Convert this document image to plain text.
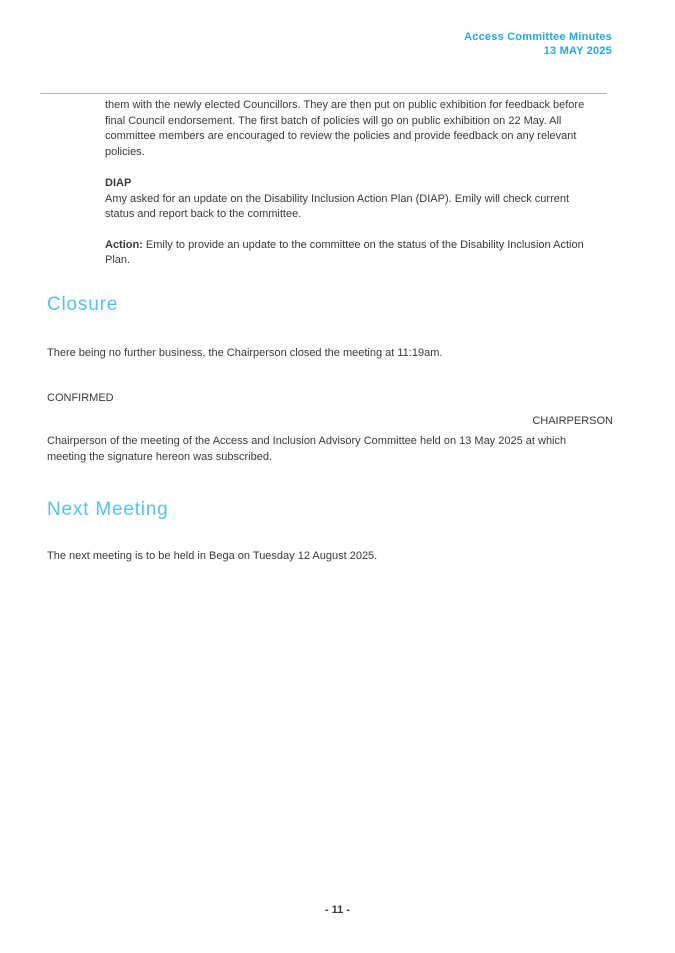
Access Committee Minutes
13 MAY 2025

them with the newly elected Councillors. They are then put on public exhibition for feedback before final Council endorsement. The first batch of policies will go on public exhibition on 22 May. All committee members are encouraged to review the policies and provide feedback on any relevant policies.

DIAP

Amy asked for an update on the Disability Inclusion Action Plan (DIAP). Emily will check current status and report back to the committee.

Action: Emily to provide an update to the committee on the status of the Disability Inclusion Action Plan.
Closure

There being no further business, the Chairperson closed the meeting at 11:19am.

CONFIRMED
CHAIRPERSON

Chairperson of the meeting of the Access and Inclusion Advisory Committee held on 13 May 2025 at which meeting the signature hereon was subscribed.

Next Meeting

The next meeting is to be held in Bega on Tuesday 12 August 2025.

- 11 -
